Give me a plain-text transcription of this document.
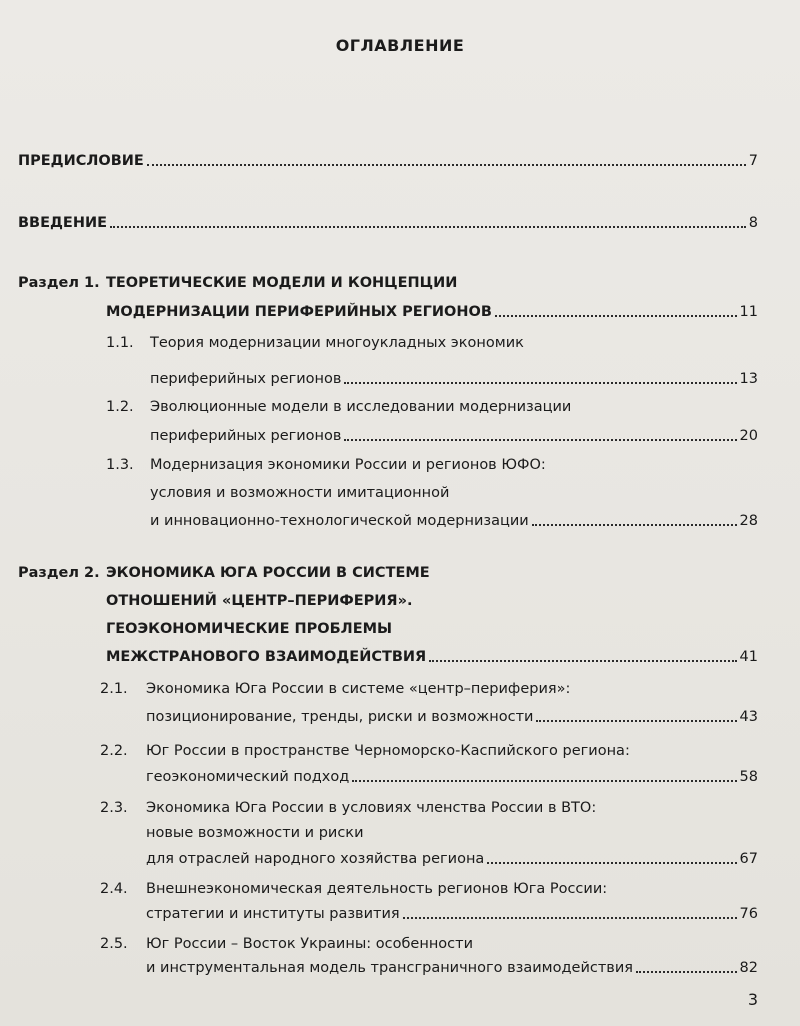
ОГЛАВЛЕНИЕ
ПРЕДИСЛОВИЕ	7
ВВЕДЕНИЕ	8
Раздел 1. ТЕОРЕТИЧЕСКИЕ МОДЕЛИ И КОНЦЕПЦИИ
МОДЕРНИЗАЦИИ ПЕРИФЕРИЙНЫХ РЕГИОНОВ	11
1.1. Теория модернизации многоукладных экономик
периферийных регионов	13
1.2. Эволюционные модели в исследовании модернизации
периферийных регионов	20
1.3. Модернизация экономики России и регионов ЮФО:
условия и возможности имитационной
и инновационно-технологической модернизации	28
Раздел 2. ЭКОНОМИКА ЮГА РОССИИ В СИСТЕМЕ
ОТНОШЕНИЙ «ЦЕНТР–ПЕРИФЕРИЯ».
ГЕОЭКОНОМИЧЕСКИЕ ПРОБЛЕМЫ
МЕЖСТРАНОВОГО ВЗАИМОДЕЙСТВИЯ	41
2.1. Экономика Юга России в системе «центр–периферия»:
позиционирование, тренды, риски и возможности	43
2.2. Юг России в пространстве Черноморско-Каспийского региона:
геоэкономический подход	58
2.3. Экономика Юга России в условиях членства России в ВТО:
новые возможности и риски
для отраслей народного хозяйства региона	67
2.4. Внешнеэкономическая деятельность регионов Юга России:
стратегии и институты развития	76
2.5. Юг России – Восток Украины: особенности
и инструментальная модель трансграничного взаимодействия	82
3
